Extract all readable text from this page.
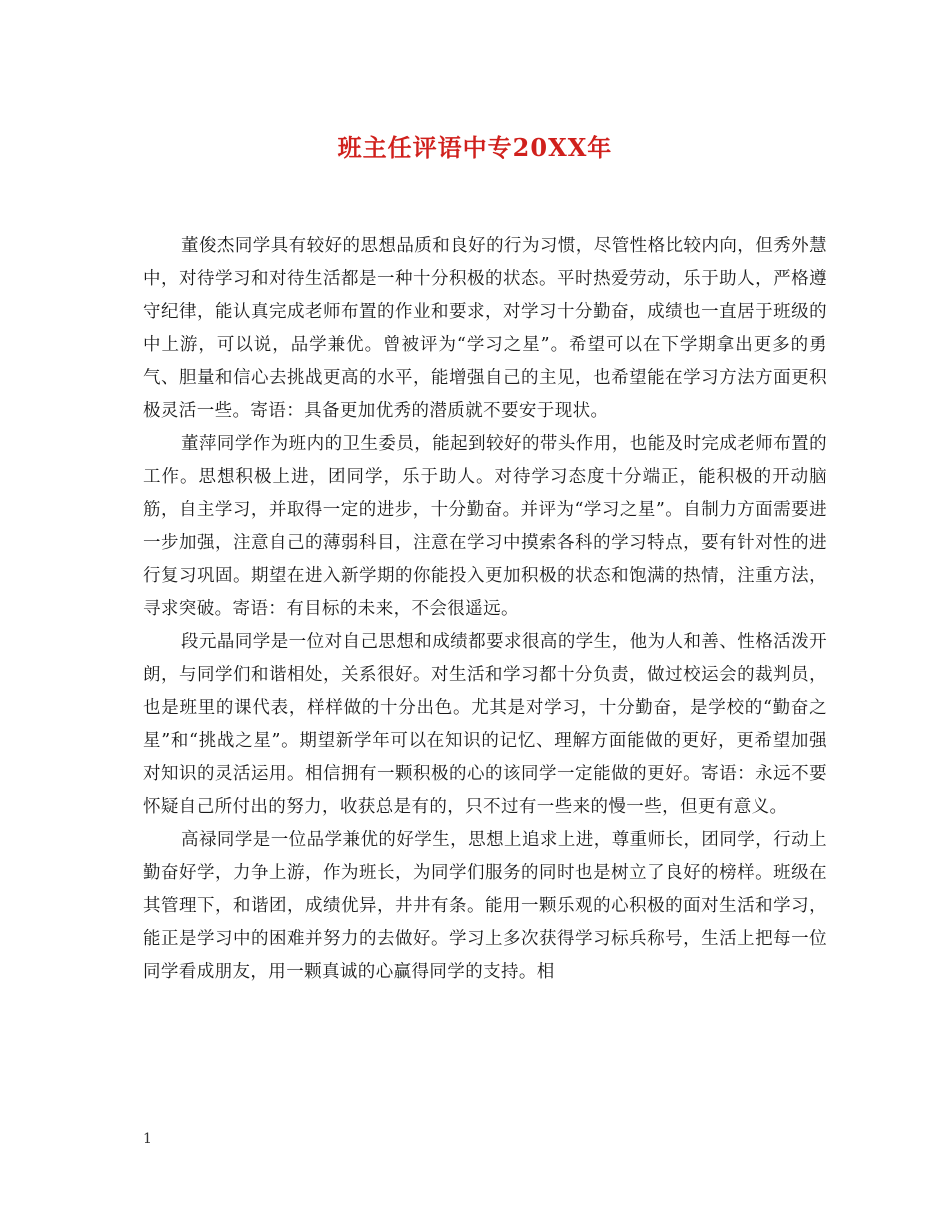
班主任评语中专20XX年

董俊杰同学具有较好的思想品质和良好的行为习惯，尽管性格比较内向，但秀外慧中，对待学习和对待生活都是一种十分积极的状态。平时热爱劳动，乐于助人，严格遵守纪律，能认真完成老师布置的作业和要求，对学习十分勤奋，成绩也一直居于班级的中上游，可以说，品学兼优。曾被评为“学习之星”。希望可以在下学期拿出更多的勇气、胆量和信心去挑战更高的水平，能增强自己的主见，也希望能在学习方法方面更积极灵活一些。寄语：具备更加优秀的潜质就不要安于现状。

董萍同学作为班内的卫生委员，能起到较好的带头作用，也能及时完成老师布置的工作。思想积极上进，团同学，乐于助人。对待学习态度十分端正，能积极的开动脑筋，自主学习，并取得一定的进步，十分勤奋。并评为“学习之星”。自制力方面需要进一步加强，注意自己的薄弱科目，注意在学习中摸索各科的学习特点，要有针对性的进行复习巩固。期望在进入新学期的你能投入更加积极的状态和饱满的热情，注重方法，寻求突破。寄语：有目标的未来，不会很遥远。

段元晶同学是一位对自己思想和成绩都要求很高的学生，他为人和善、性格活泼开朗，与同学们和谐相处，关系很好。对生活和学习都十分负责，做过校运会的裁判员，也是班里的课代表，样样做的十分出色。尤其是对学习，十分勤奋，是学校的“勤奋之星”和“挑战之星”。期望新学年可以在知识的记忆、理解方面能做的更好，更希望加强对知识的灵活运用。相信拥有一颗积极的心的该同学一定能做的更好。寄语：永远不要怀疑自己所付出的努力，收获总是有的，只不过有一些来的慢一些，但更有意义。

高禄同学是一位品学兼优的好学生，思想上追求上进，尊重师长，团同学，行动上勤奋好学，力争上游，作为班长，为同学们服务的同时也是树立了良好的榜样。班级在其管理下，和谐团，成绩优异，井井有条。能用一颗乐观的心积极的面对生活和学习，能正是学习中的困难并努力的去做好。学习上多次获得学习标兵称号，生活上把每一位同学看成朋友，用一颗真诚的心赢得同学的支持。相

1
